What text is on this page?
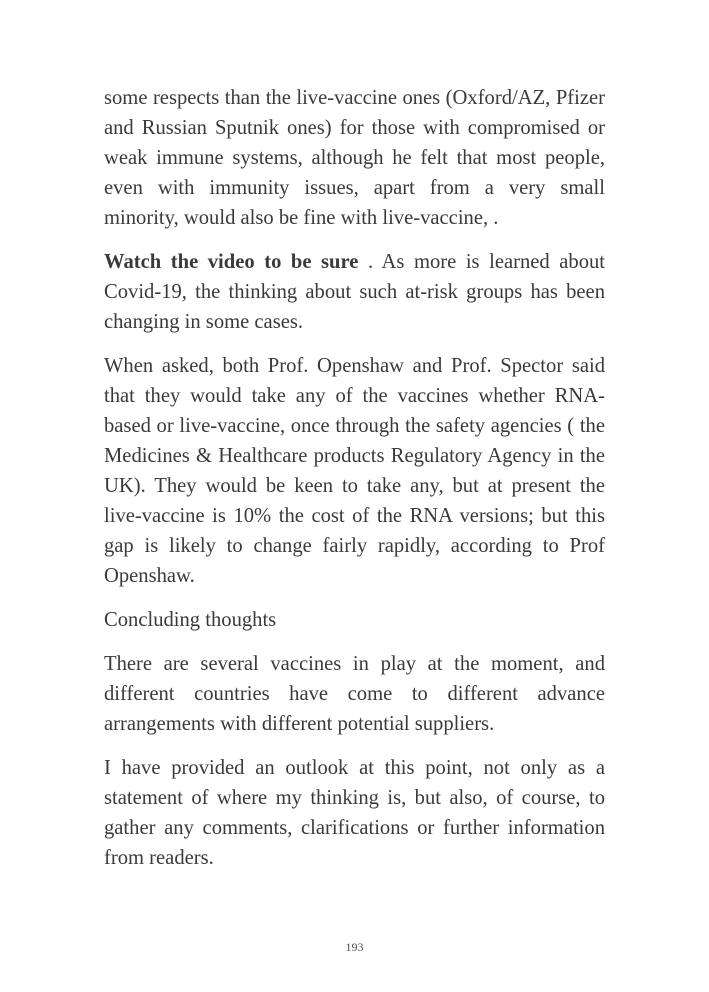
some respects than the live-vaccine ones (Oxford/AZ, Pfizer and Russian Sputnik ones) for those with compromised or weak immune systems, although he felt that most people, even with immunity issues, apart from a very small minority, would also be fine with live-vaccine, .

Watch the video to be sure . As more is learned about Covid-19, the thinking about such at-risk groups has been changing in some cases.

When asked, both Prof. Openshaw and Prof. Spector said that they would take any of the vaccines whether RNA-based or live-vaccine, once through the safety agencies ( the Medicines & Healthcare products Regulatory Agency in the UK). They would be keen to take any, but at present the live-vaccine is 10% the cost of the RNA versions; but this gap is likely to change fairly rapidly, according to Prof Openshaw.

Concluding thoughts

There are several vaccines in play at the moment, and different countries have come to different advance arrangements with different potential suppliers.

I have provided an outlook at this point, not only as a statement of where my thinking is, but also, of course, to gather any comments, clarifications or further information from readers.

193
